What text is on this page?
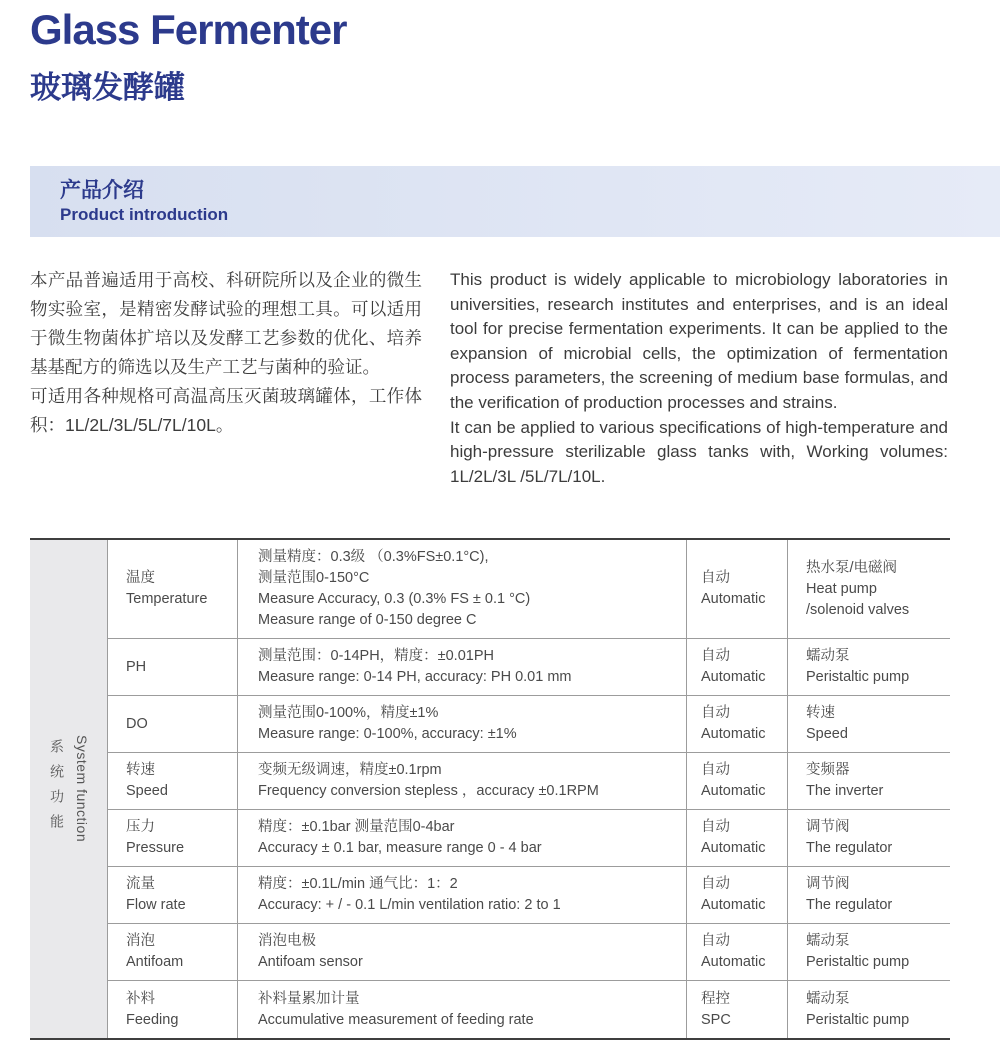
Glass Fermenter
玻璃发酵罐
产品介绍
Product introduction

本产品普遍适用于高校、科研院所以及企业的微生物实验室，是精密发酵试验的理想工具。可以适用于微生物菌体扩培以及发酵工艺参数的优化、培养基基配方的筛选以及生产工艺与菌种的验证。

可适用各种规格可高温高压灭菌玻璃罐体，工作体积：1L/2L/3L/5L/7L/10L。

This product is widely applicable to microbiology laboratories in universities, research institutes and enterprises, and is an ideal tool for precise fermentation experiments. It can be applied to the expansion of microbial cells, the optimization of fermentation process parameters, the screening of medium base formulas, and the verification of production processes and strains.

It can be applied to various specifications of high-temperature and high-pressure sterilizable glass tanks with, Working volumes: 1L/2L/3L /5L/7L/10L.

系统功能 System function
温度
Temperature
测量精度：0.3级 （0.3%FS±0.1°C),
测量范围0-150°C
Measure Accuracy, 0.3 (0.3% FS ± 0.1 °C)
Measure range of 0-150 degree C
自动
Automatic
热水泵/电磁阀
Heat pump
/solenoid valves
PH
测量范围：0-14PH，精度：±0.01PH
Measure range: 0-14 PH, accuracy: PH 0.01 mm
自动
Automatic
蠕动泵
Peristaltic pump
DO
测量范围0-100%，精度±1%
Measure range: 0-100%, accuracy: ±1%
自动
Automatic
转速
Speed
转速
Speed
变频无级调速，精度±0.1rpm
Frequency conversion stepless ，accuracy ±0.1RPM
自动
Automatic
变频器
The inverter
压力
Pressure
精度：±0.1bar 测量范围0-4bar
Accuracy ± 0.1 bar, measure range 0 - 4 bar
自动
Automatic
调节阀
The regulator
流量
Flow rate
精度：±0.1L/min 通气比：1：2
Accuracy: + / - 0.1 L/min ventilation ratio: 2 to 1
自动
Automatic
调节阀
The regulator
消泡
Antifoam
消泡电极
Antifoam sensor
自动
Automatic
蠕动泵
Peristaltic pump
补料
Feeding
补料量累加计量
Accumulative measurement of feeding rate
程控
SPC
蠕动泵
Peristaltic pump
